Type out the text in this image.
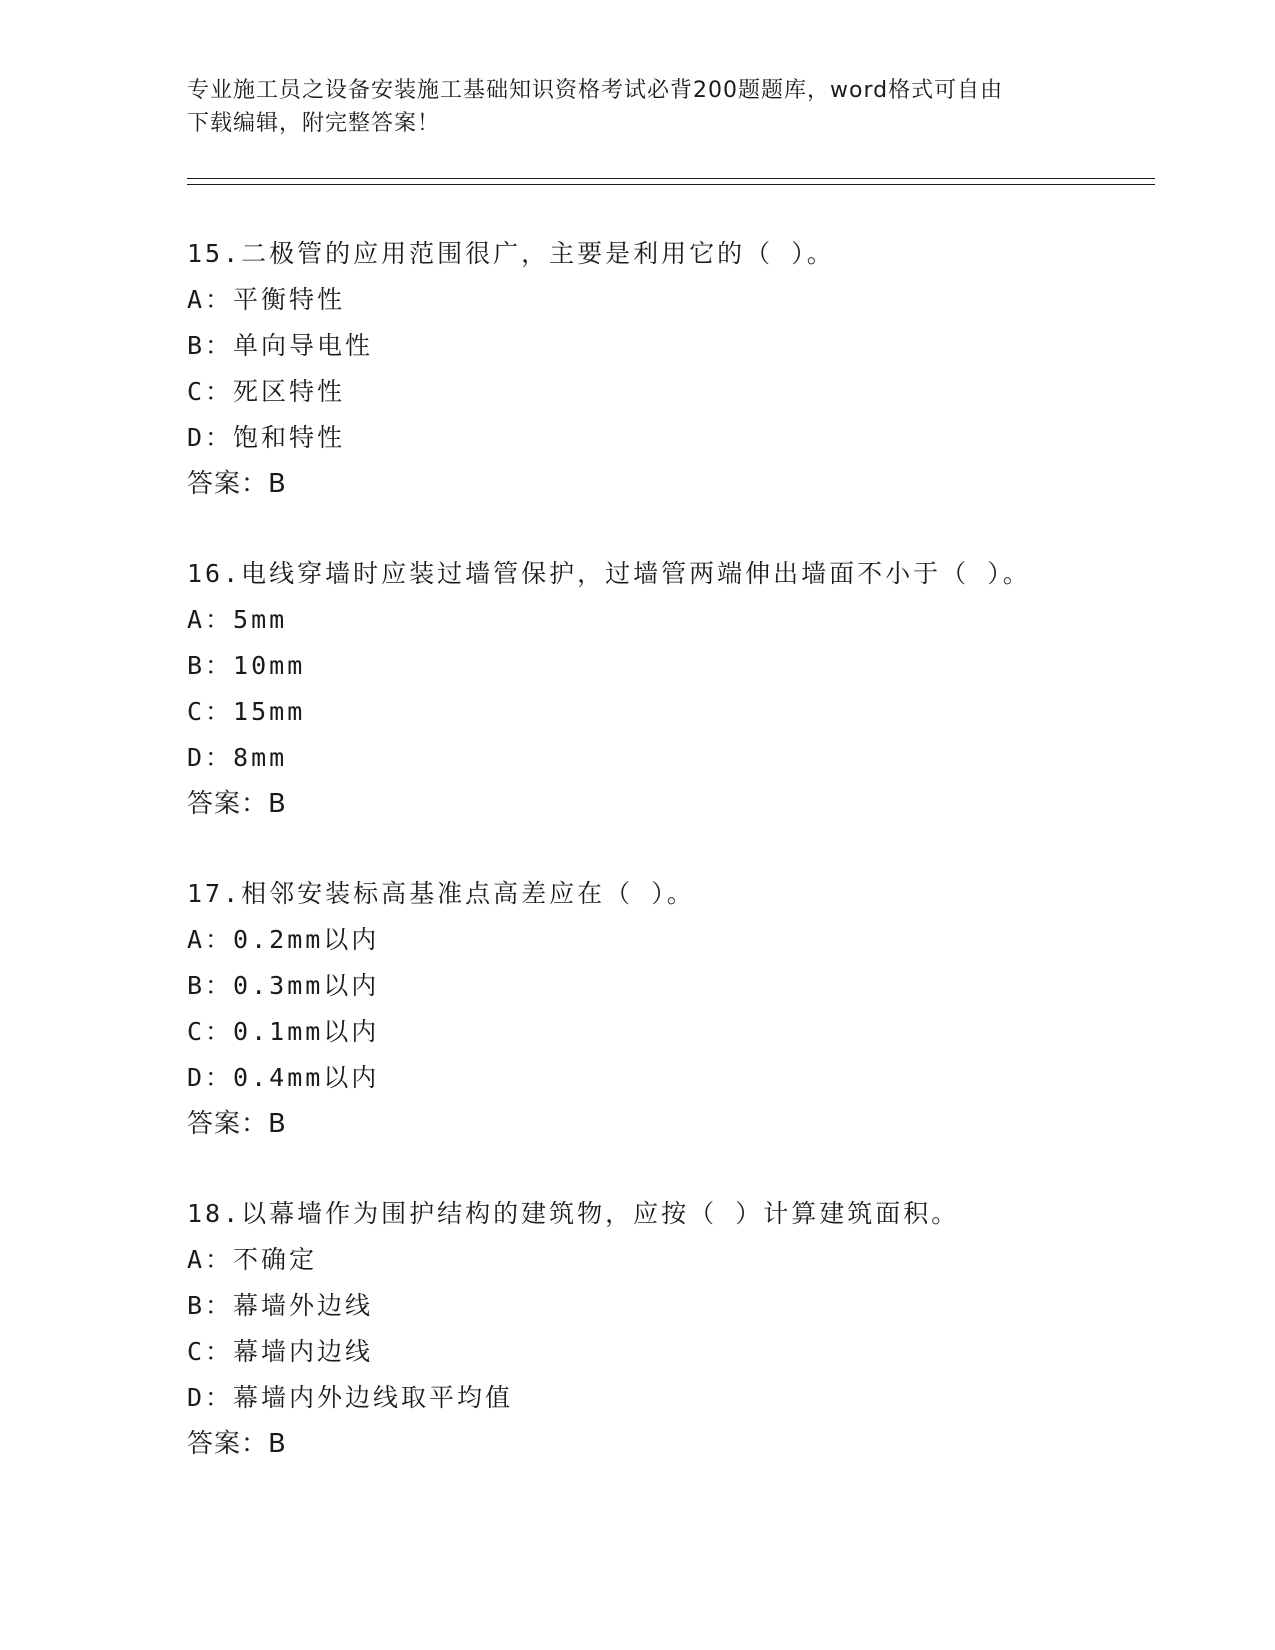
专业施工员之设备安装施工基础知识资格考试必背200题题库，word格式可自由
下载编辑，附完整答案！
15.二极管的应用范围很广，主要是利用它的（ ）。
A：平衡特性
B：单向导电性
C：死区特性
D：饱和特性
答案：B
16.电线穿墙时应装过墙管保护，过墙管两端伸出墙面不小于（ ）。
A：5mm
B：10mm
C：15mm
D：8mm
答案：B
17.相邻安装标高基准点高差应在（ ）。
A：0.2mm以内
B：0.3mm以内
C：0.1mm以内
D：0.4mm以内
答案：B
18.以幕墙作为围护结构的建筑物，应按（ ）计算建筑面积。
A：不确定
B：幕墙外边线
C：幕墙内边线
D：幕墙内外边线取平均值
答案：B
